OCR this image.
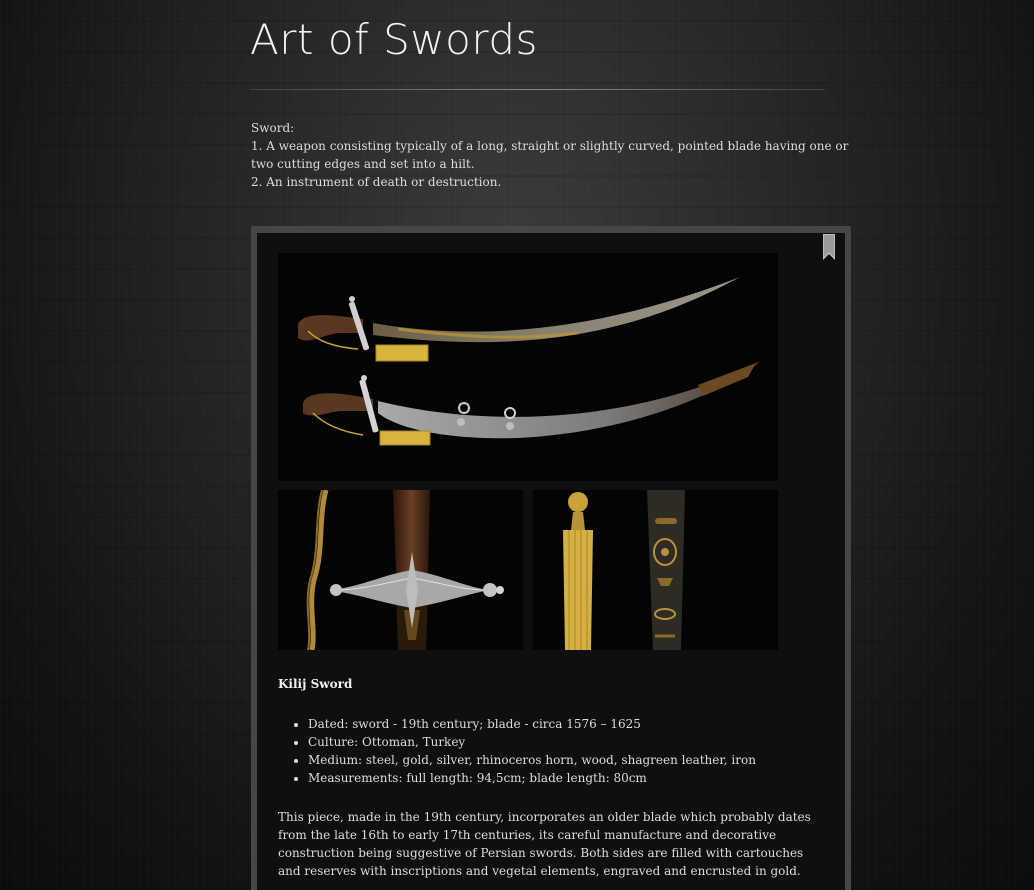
Art of Swords

Sword:

1. A weapon consisting typically of a long, straight or slightly curved, pointed blade having one or two cutting edges and set into a hilt.

2. An instrument of death or destruction.

Kilij Sword
• Dated: sword - 19th century; blade - circa 1576 – 1625
• Culture: Ottoman, Turkey
• Medium: steel, gold, silver, rhinoceros horn, wood, shagreen leather, iron
• Measurements: full length: 94,5cm; blade length: 80cm

This piece, made in the 19th century, incorporates an older blade which probably dates from the late 16th to early 17th centuries, its careful manufacture and decorative construction being suggestive of Persian swords. Both sides are filled with cartouches and reserves with inscriptions and vegetal elements, engraved and encrusted in gold.
